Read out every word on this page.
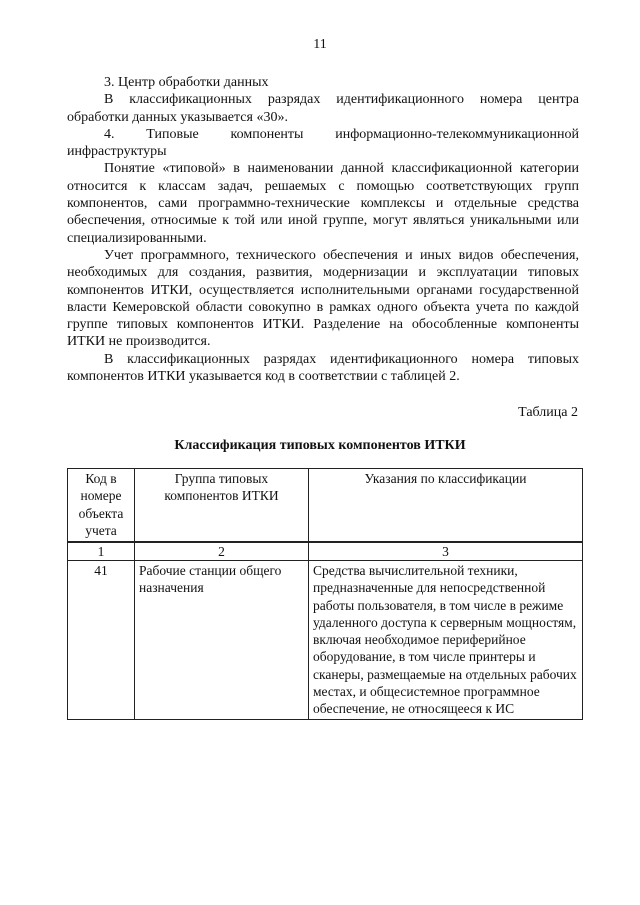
11

3. Центр обработки данных

В классификационных разрядах идентификационного номера центра обработки данных указывается «30».

4. Типовые компоненты информационно-телекоммуникационной инфраструктуры

Понятие «типовой» в наименовании данной классификационной категории относится к классам задач, решаемых с помощью соответствующих групп компонентов, сами программно-технические комплексы и отдельные средства обеспечения, относимые к той или иной группе, могут являться уникальными или специализированными.

Учет программного, технического обеспечения и иных видов обеспечения, необходимых для создания, развития, модернизации и эксплуатации типовых компонентов ИТКИ, осуществляется исполнительными органами государственной власти Кемеровской области совокупно в рамках одного объекта учета по каждой группе типовых компонентов ИТКИ. Разделение на обособленные компоненты ИТКИ не производится.

В классификационных разрядах идентификационного номера типовых компонентов ИТКИ указывается код в соответствии с таблицей 2.

Таблица 2
Классификация типовых компонентов ИТКИ
Код в номере объекта учета	Группа типовых компонентов ИТКИ	Указания по классификации
1	2	3
41	Рабочие станции общего назначения	Средства вычислительной техники, предназначенные для непосредственной работы пользователя, в том числе в режиме удаленного доступа к серверным мощностям, включая необходимое периферийное оборудование, в том числе принтеры и сканеры, размещаемые на отдельных рабочих местах, и общесистемное программное обеспечение, не относящееся к ИС
